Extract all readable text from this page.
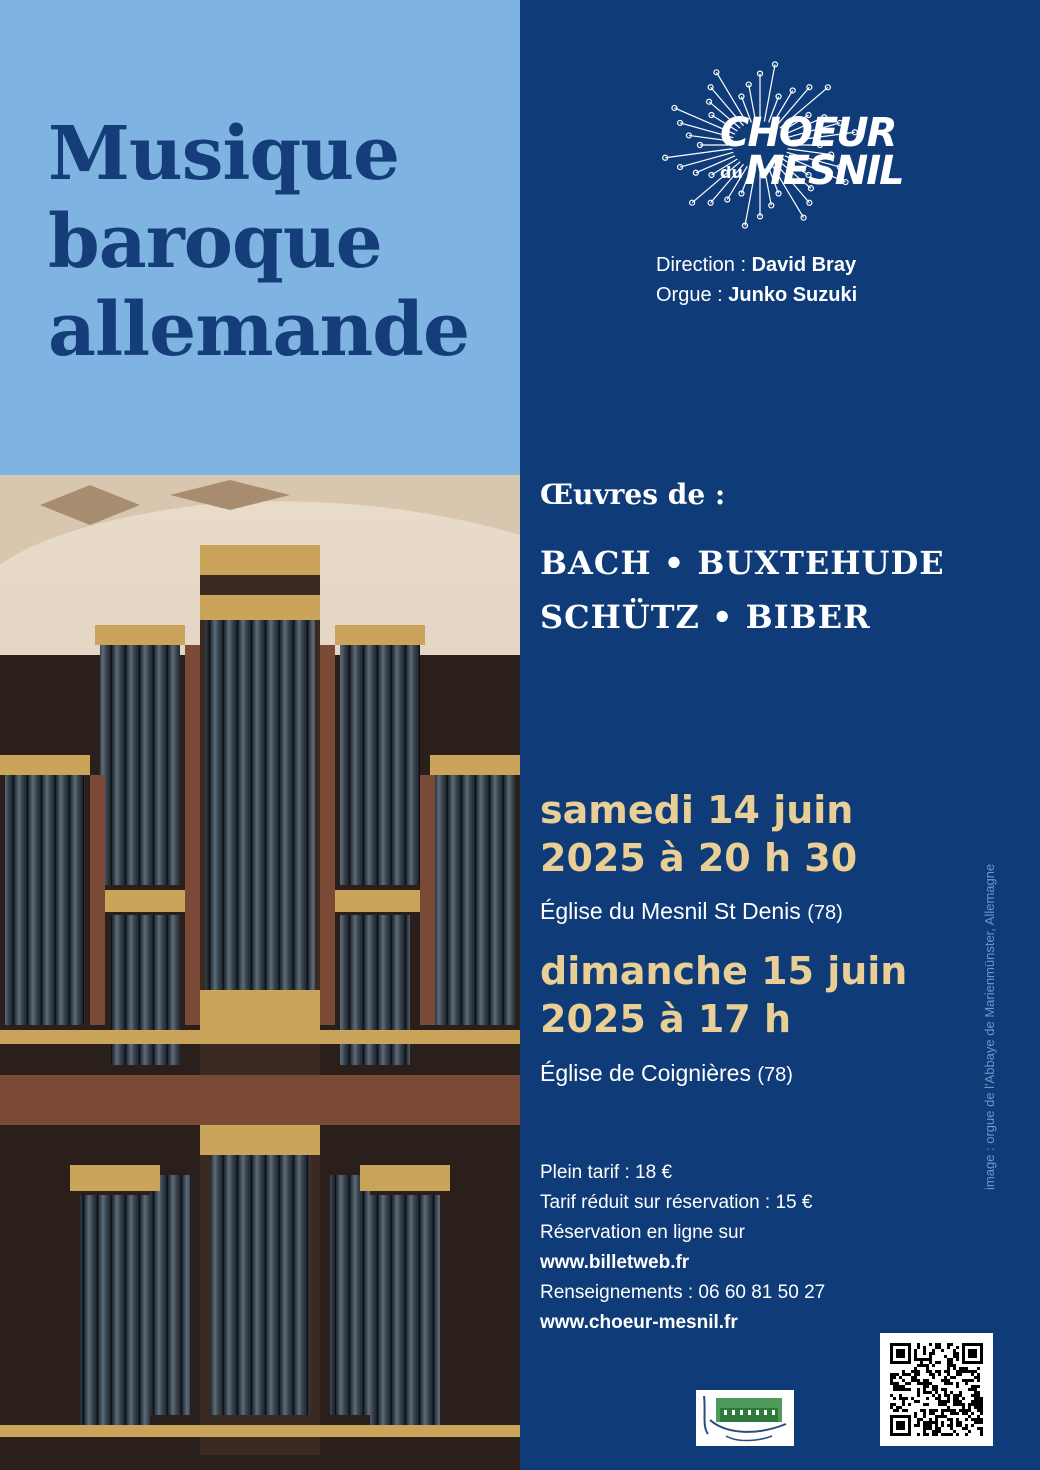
Musique
baroque
allemande
CHOEUR
duMESNIL
Direction : David Bray
Orgue : Junko Suzuki
Œuvres de :
BACH • BUXTEHUDE
SCHÜTZ • BIBER
samedi 14 juin
2025 à 20 h 30
Église du Mesnil St Denis (78)
dimanche 15 juin
2025 à 17 h
Église de Coignières (78)
Plein tarif : 18 €
Tarif réduit sur réservation : 15 €
Réservation en ligne sur
www.billetweb.fr
Renseignements : 06 60 81 50 27
www.choeur-mesnil.fr
image : orgue de l'Abbaye de Marienmünster, Allemagne
